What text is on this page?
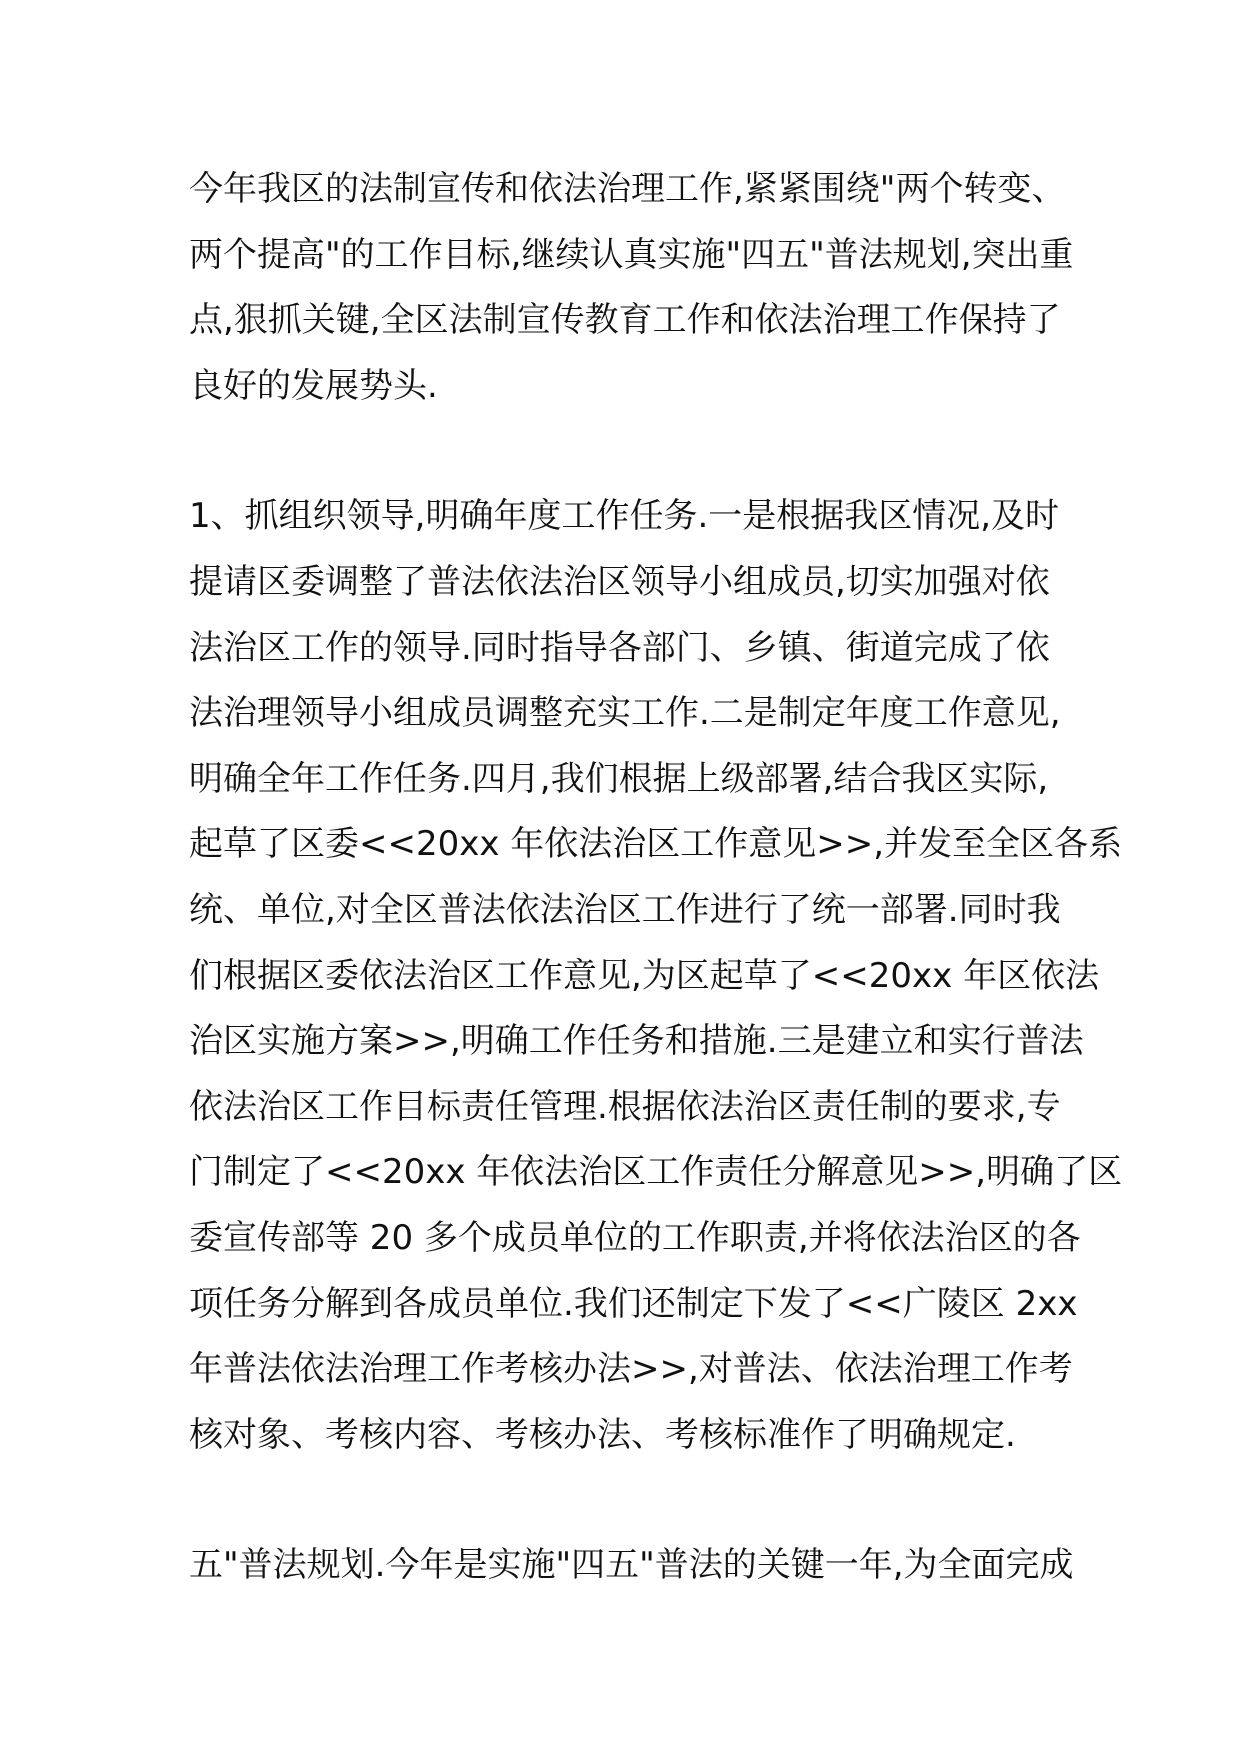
今年我区的法制宣传和依法治理工作,紧紧围绕"两个转变、
两个提高"的工作目标,继续认真实施"四五"普法规划,突出重
点,狠抓关键,全区法制宣传教育工作和依法治理工作保持了
良好的发展势头.

1、抓组织领导,明确年度工作任务.一是根据我区情况,及时
提请区委调整了普法依法治区领导小组成员,切实加强对依
法治区工作的领导.同时指导各部门、乡镇、街道完成了依
法治理领导小组成员调整充实工作.二是制定年度工作意见,
明确全年工作任务.四月,我们根据上级部署,结合我区实际,
起草了区委<<20xx 年依法治区工作意见>>,并发至全区各系
统、单位,对全区普法依法治区工作进行了统一部署.同时我
们根据区委依法治区工作意见,为区起草了<<20xx 年区依法
治区实施方案>>,明确工作任务和措施.三是建立和实行普法
依法治区工作目标责任管理.根据依法治区责任制的要求,专
门制定了<<20xx 年依法治区工作责任分解意见>>,明确了区
委宣传部等 20 多个成员单位的工作职责,并将依法治区的各
项任务分解到各成员单位.我们还制定下发了<<广陵区 2xx
年普法依法治理工作考核办法>>,对普法、依法治理工作考
核对象、考核内容、考核办法、考核标准作了明确规定.

五"普法规划.今年是实施"四五"普法的关键一年,为全面完成
